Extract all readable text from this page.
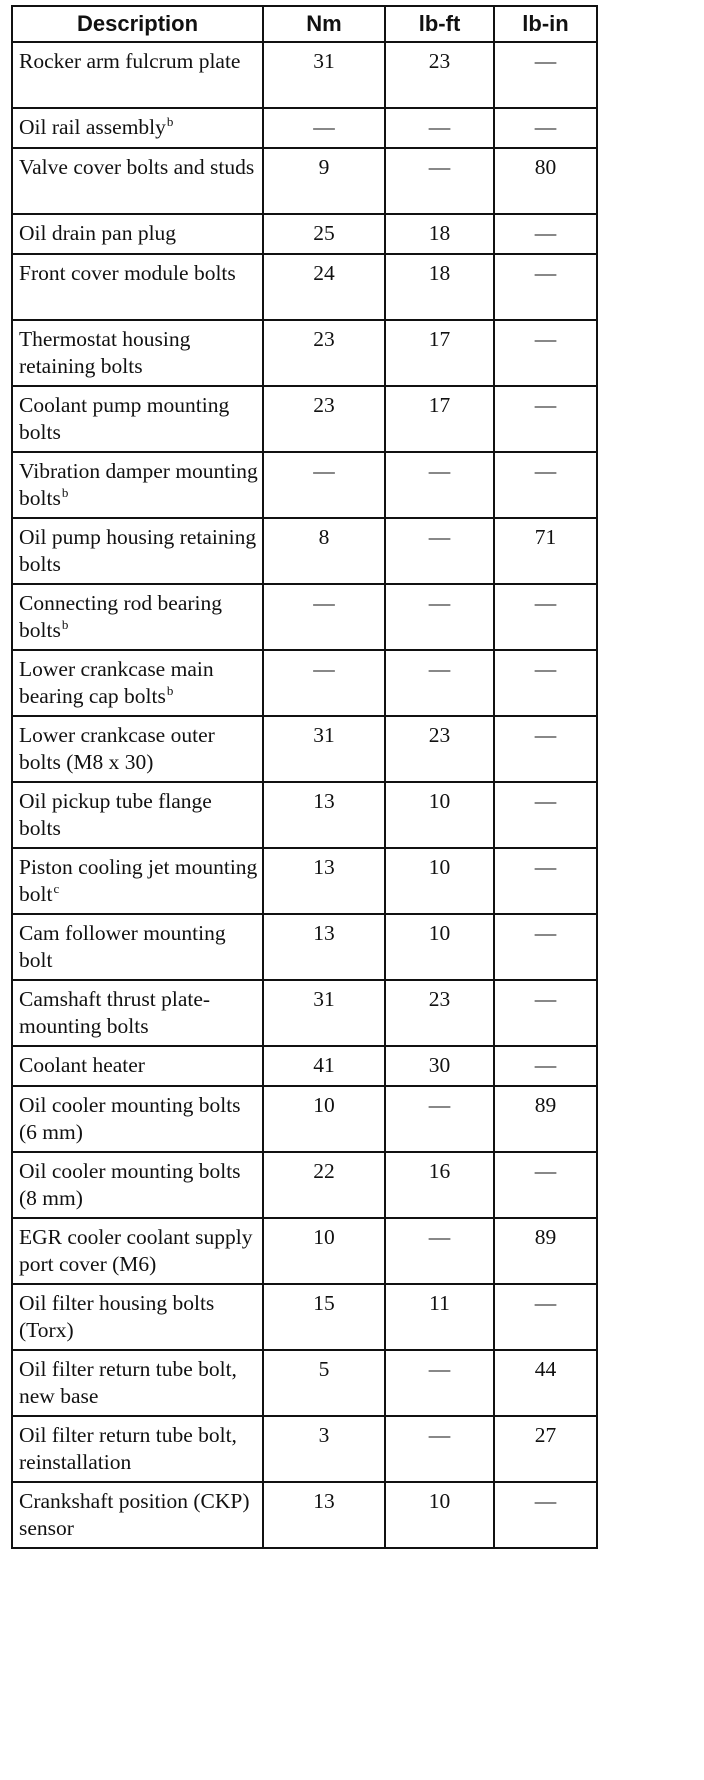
Description	Nm	lb-ft	lb-in
Rocker arm fulcrum plate	31	23	—
Oil rail assembly$^b$	—	—	—
Valve cover bolts and studs	9	—	80
Oil drain pan plug	25	18	—
Front cover module bolts	24	18	—
Thermostat housing retaining bolts	23	17	—
Coolant pump mounting bolts	23	17	—
Vibration damper mounting bolts$^b$	—	—	—
Oil pump housing retaining bolts	8	—	71
Connecting rod bearing bolts$^b$	—	—	—
Lower crankcase main bearing cap bolts$^b$	—	—	—
Lower crankcase outer bolts (M8 x 30)	31	23	—
Oil pickup tube flange bolts	13	10	—
Piston cooling jet mounting bolt$^c$	13	10	—
Cam follower mounting bolt	13	10	—
Camshaft thrust plate-mounting bolts	31	23	—
Coolant heater	41	30	—
Oil cooler mounting bolts (6 mm)	10	—	89
Oil cooler mounting bolts (8 mm)	22	16	—
EGR cooler coolant supply port cover (M6)	10	—	89
Oil filter housing bolts (Torx)	15	11	—
Oil filter return tube bolt, new base	5	—	44
Oil filter return tube bolt, reinstallation	3	—	27
Crankshaft position (CKP) sensor	13	10	—
